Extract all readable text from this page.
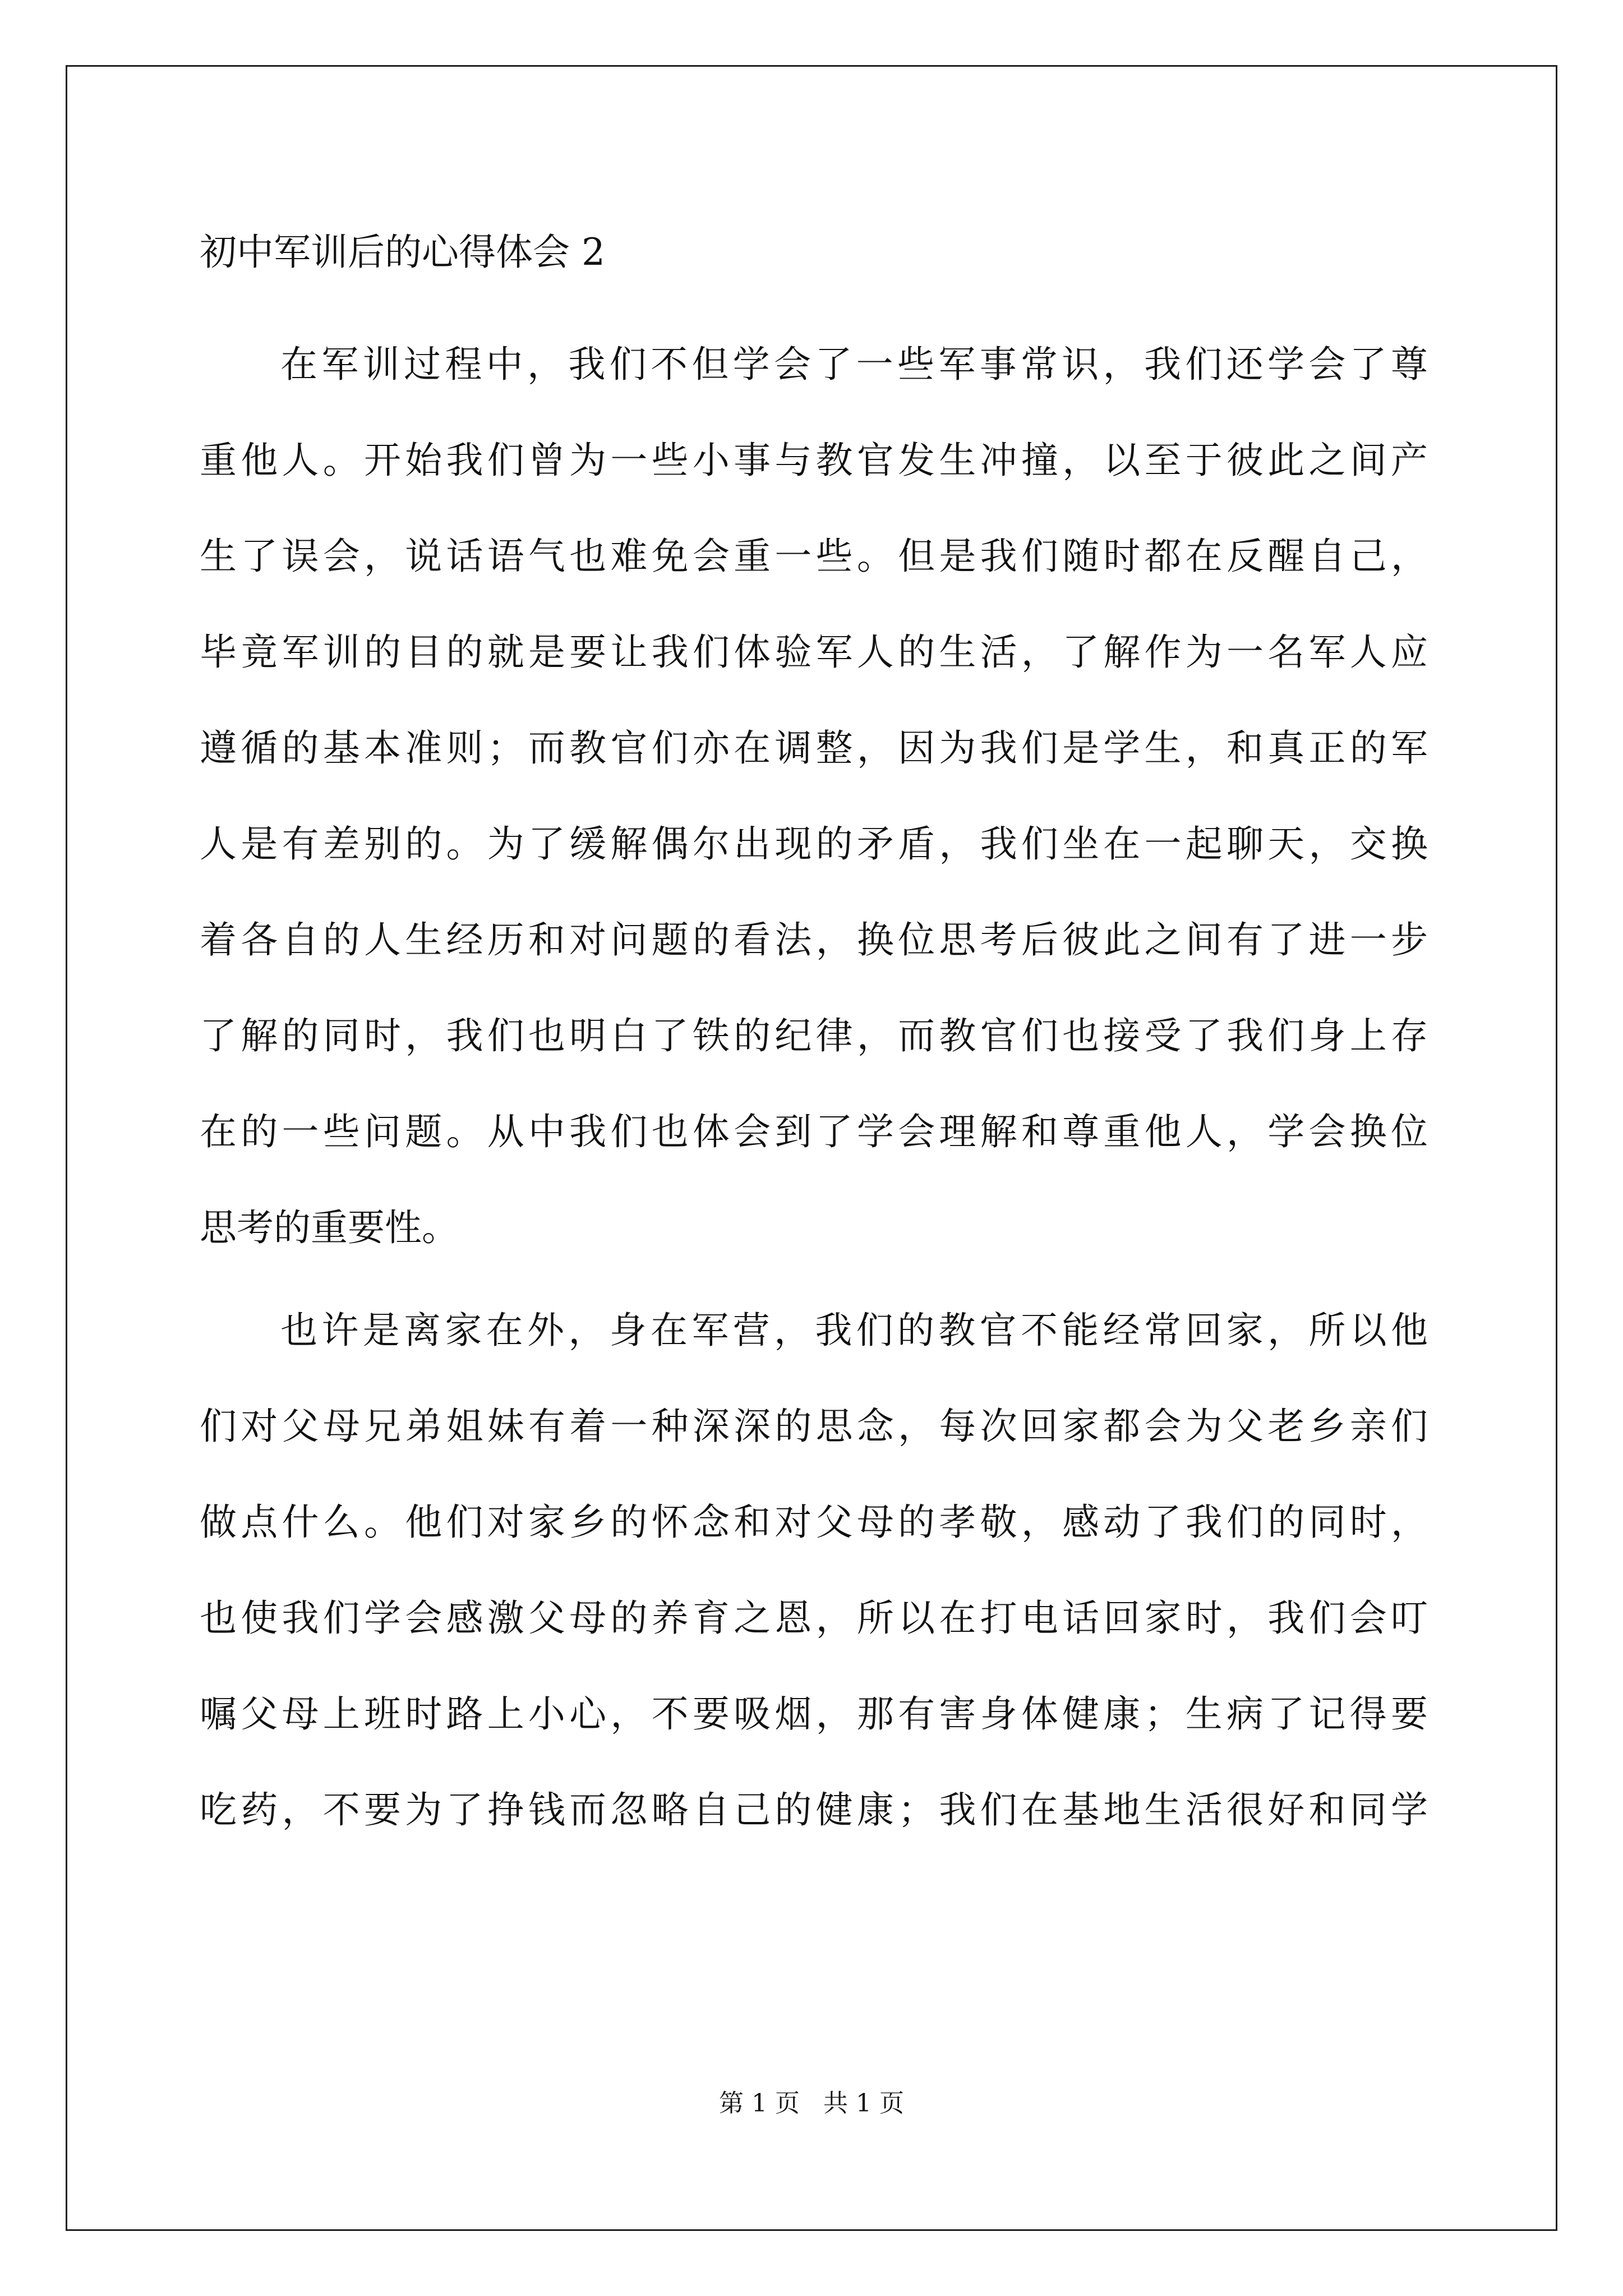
初中军训后的心得体会 2
在军训过程中，我们不但学会了一些军事常识，我们还学会了尊
重他人。开始我们曾为一些小事与教官发生冲撞，以至于彼此之间产
生了误会，说话语气也难免会重一些。但是我们随时都在反醒自己，
毕竟军训的目的就是要让我们体验军人的生活，了解作为一名军人应
遵循的基本准则；而教官们亦在调整，因为我们是学生，和真正的军
人是有差别的。为了缓解偶尔出现的矛盾，我们坐在一起聊天，交换
着各自的人生经历和对问题的看法，换位思考后彼此之间有了进一步
了解的同时，我们也明白了铁的纪律，而教官们也接受了我们身上存
在的一些问题。从中我们也体会到了学会理解和尊重他人，学会换位
思考的重要性。
也许是离家在外，身在军营，我们的教官不能经常回家，所以他
们对父母兄弟姐妹有着一种深深的思念，每次回家都会为父老乡亲们
做点什么。他们对家乡的怀念和对父母的孝敬，感动了我们的同时，
也使我们学会感激父母的养育之恩，所以在打电话回家时，我们会叮
嘱父母上班时路上小心，不要吸烟，那有害身体健康；生病了记得要
吃药，不要为了挣钱而忽略自己的健康；我们在基地生活很好和同学
第 1 页   共 1 页
